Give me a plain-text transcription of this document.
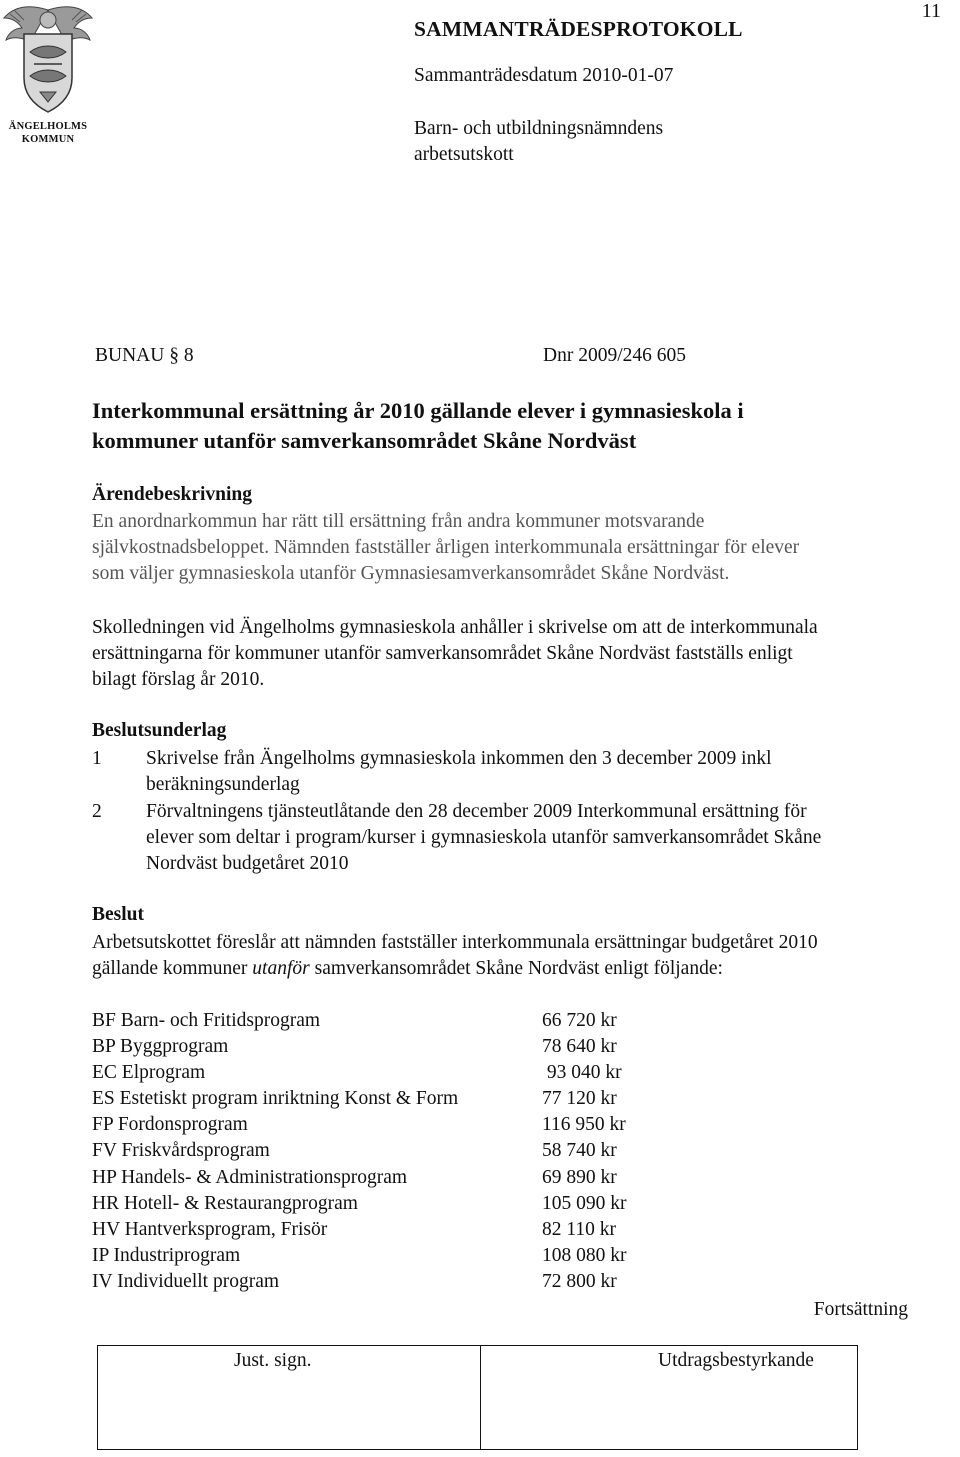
ÄNGELHOLMS
KOMMUN
11
SAMMANTRÄDESPROTOKOLL
Sammanträdesdatum 2010-01-07
Barn- och utbildningsnämndens
arbetsutskott
BUNAU § 8	Dnr 2009/246 605
Interkommunal ersättning år 2010 gällande elever i gymnasieskola i
kommuner utanför samverkansområdet Skåne Nordväst
Ärendebeskrivning
En anordnarkommun har rätt till ersättning från andra kommuner motsvarande
självkostnadsbeloppet. Nämnden fastställer årligen interkommunala ersättningar för elever
som väljer gymnasieskola utanför Gymnasiesamverkansområdet Skåne Nordväst.
Skolledningen vid Ängelholms gymnasieskola anhåller i skrivelse om att de interkommunala
ersättningarna för kommuner utanför samverkansområdet Skåne Nordväst fastställs enligt
bilagt förslag år 2010.
Beslutsunderlag
1 Skrivelse från Ängelholms gymnasieskola inkommen den 3 december 2009 inkl
beräkningsunderlag
2 Förvaltningens tjänsteutlåtande den 28 december 2009 Interkommunal ersättning för
elever som deltar i program/kurser i gymnasieskola utanför samverkansområdet Skåne
Nordväst budgetåret 2010
Beslut
Arbetsutskottet föreslår att nämnden fastställer interkommunala ersättningar budgetåret 2010
gällande kommuner utanför samverkansområdet Skåne Nordväst enligt följande:
BF Barn- och Fritidsprogram	66 720 kr
BP Byggprogram	78 640 kr
EC Elprogram	93 040 kr
ES Estetiskt program inriktning Konst & Form	77 120 kr
FP Fordonsprogram	116 950 kr
FV Friskvårdsprogram	58 740 kr
HP Handels- & Administrationsprogram	69 890 kr
HR Hotell- & Restaurangprogram	105 090 kr
HV Hantverksprogram, Frisör	82 110 kr
IP Industriprogram	108 080 kr
IV Individuellt program	72 800 kr
Fortsättning
Just. sign.	Utdragsbestyrkande
